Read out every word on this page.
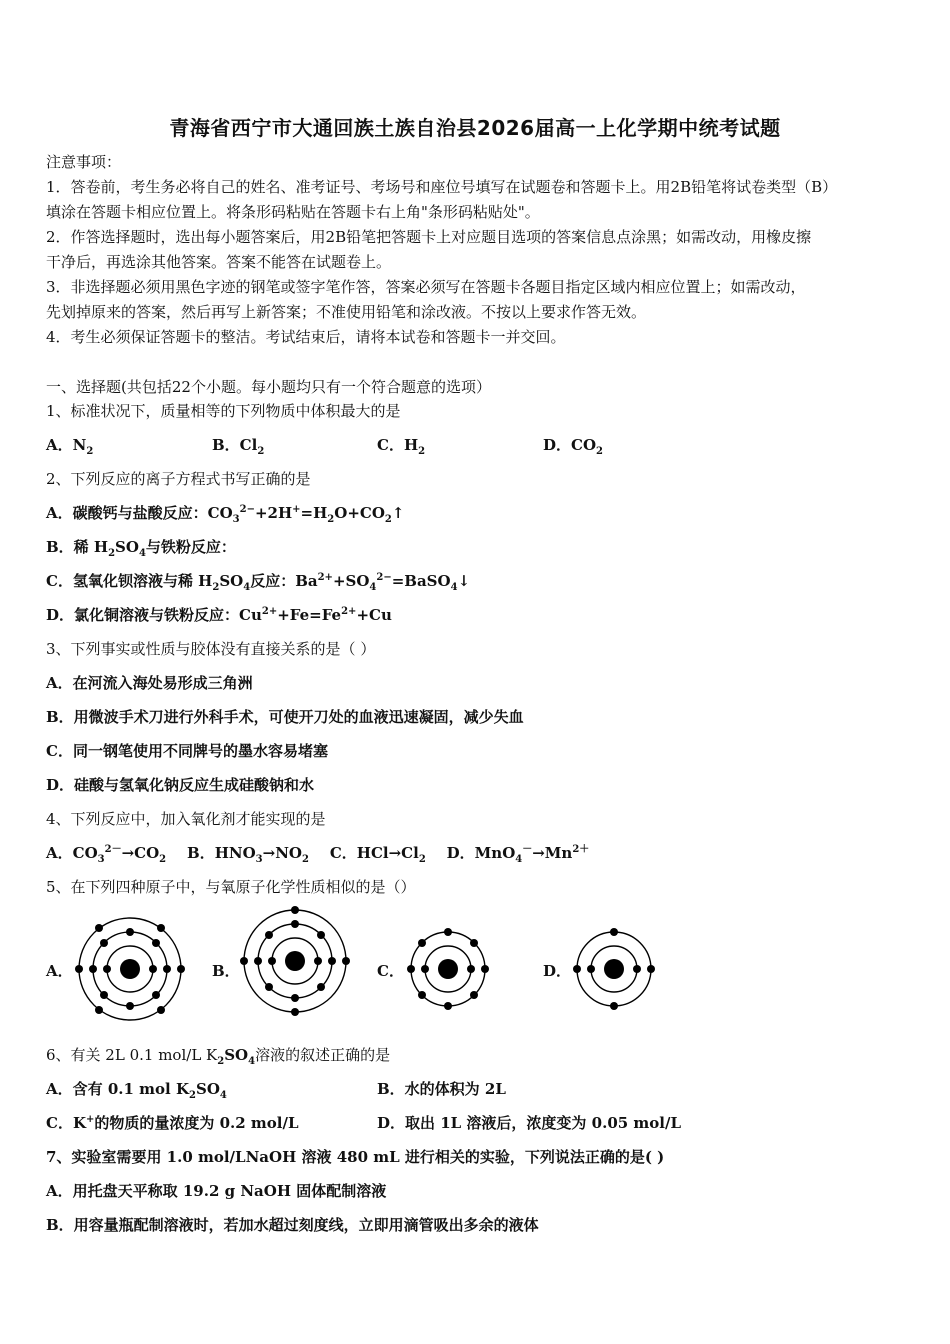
青海省西宁市大通回族土族自治县2026届高一上化学期中统考试题
注意事项：
1．答卷前，考生务必将自己的姓名、准考证号、考场号和座位号填写在试题卷和答题卡上。用2B铅笔将试卷类型（B）
填涂在答题卡相应位置上。将条形码粘贴在答题卡右上角"条形码粘贴处"。
2．作答选择题时，选出每小题答案后，用2B铅笔把答题卡上对应题目选项的答案信息点涂黑；如需改动，用橡皮擦
干净后，再选涂其他答案。答案不能答在试题卷上。
3．非选择题必须用黑色字迹的钢笔或签字笔作答，答案必须写在答题卡各题目指定区域内相应位置上；如需改动，
先划掉原来的答案，然后再写上新答案；不准使用铅笔和涂改液。不按以上要求作答无效。
4．考生必须保证答题卡的整洁。考试结束后，请将本试卷和答题卡一并交回。
一、选择题(共包括22个小题。每小题均只有一个符合题意的选项）
1、标准状况下，质量相等的下列物质中体积最大的是
A．$N_2$	B．$Cl_2$	C．$H_2$	D．$CO_2$
2、下列反应的离子方程式书写正确的是
A．碳酸钙与盐酸反应：$CO_3^{2-}+2H^+=H_2O+CO_2↑$
B．稀 $H_2SO_4$与铁粉反应：
C．氢氧化钡溶液与稀 $H_2SO_4$反应：$Ba^{2+}+SO_4^{2-}=BaSO_4↓$
D．氯化铜溶液与铁粉反应：$Cu^{2+}+Fe=Fe^{2+}+Cu$
3、下列事实或性质与胶体没有直接关系的是（ ）
A．在河流入海处易形成三角洲
B．用微波手术刀进行外科手术，可使开刀处的血液迅速凝固，减少失血
C．同一钢笔使用不同牌号的墨水容易堵塞
D．硅酸与氢氧化钠反应生成硅酸钠和水
4、下列反应中，加入氧化剂才能实现的是
A．$CO_3^{2-}\to CO_2$ B．$HNO_3\to NO_2$ C．$HCl\to Cl_2$ D．$MnO_4^-\to Mn^{2+}$
5、在下列四种原子中，与氧原子化学性质相似的是（）
A．	B．	C．	D．
6、有关 2L 0.1 mol/L $K_2SO_4$溶液的叙述正确的是
A．含有 0.1 mol $K_2SO_4$	B．水的体积为 2L
C．K+的物质的量浓度为 0.2 mol/L	D．取出 1L 溶液后，浓度变为 0.05 mol/L
7、实验室需要用 1.0 mol/LNaOH 溶液 480 mL 进行相关的实验，下列说法正确的是( )
A．用托盘天平称取 19.2 g NaOH 固体配制溶液
B．用容量瓶配制溶液时，若加水超过刻度线，立即用滴管吸出多余的液体
